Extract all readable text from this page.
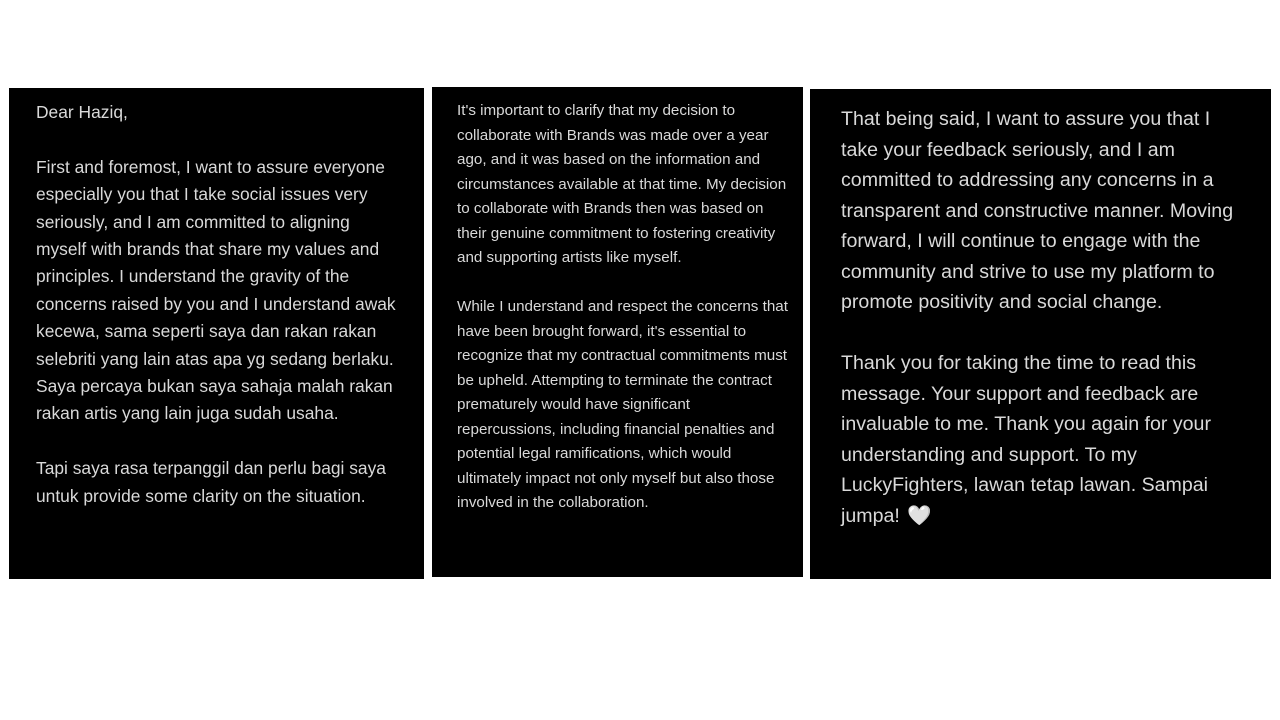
Dear Haziq,

First and foremost, I want to assure everyone especially you that I take social issues very seriously, and I am committed to aligning myself with brands that share my values and principles. I understand the gravity of the concerns raised by you and I understand awak kecewa, sama seperti saya dan rakan rakan selebriti yang lain atas apa yg sedang berlaku. Saya percaya bukan saya sahaja malah rakan rakan artis yang lain juga sudah usaha.

Tapi saya rasa terpanggil dan perlu bagi saya untuk provide some clarity on the situation.

It's important to clarify that my decision to collaborate with Brands was made over a year ago, and it was based on the information and circumstances available at that time. My decision to collaborate with Brands then was based on their genuine commitment to fostering creativity and supporting artists like myself.

While I understand and respect the concerns that have been brought forward, it's essential to recognize that my contractual commitments must be upheld. Attempting to terminate the contract prematurely would have significant repercussions, including financial penalties and potential legal ramifications, which would ultimately impact not only myself but also those involved in the collaboration.

That being said, I want to assure you that I take your feedback seriously, and I am committed to addressing any concerns in a transparent and constructive manner. Moving forward, I will continue to engage with the community and strive to use my platform to promote positivity and social change.

Thank you for taking the time to read this message. Your support and feedback are invaluable to me. Thank you again for your understanding and support. To my LuckyFighters, lawan tetap lawan. Sampai jumpa! 🤍
